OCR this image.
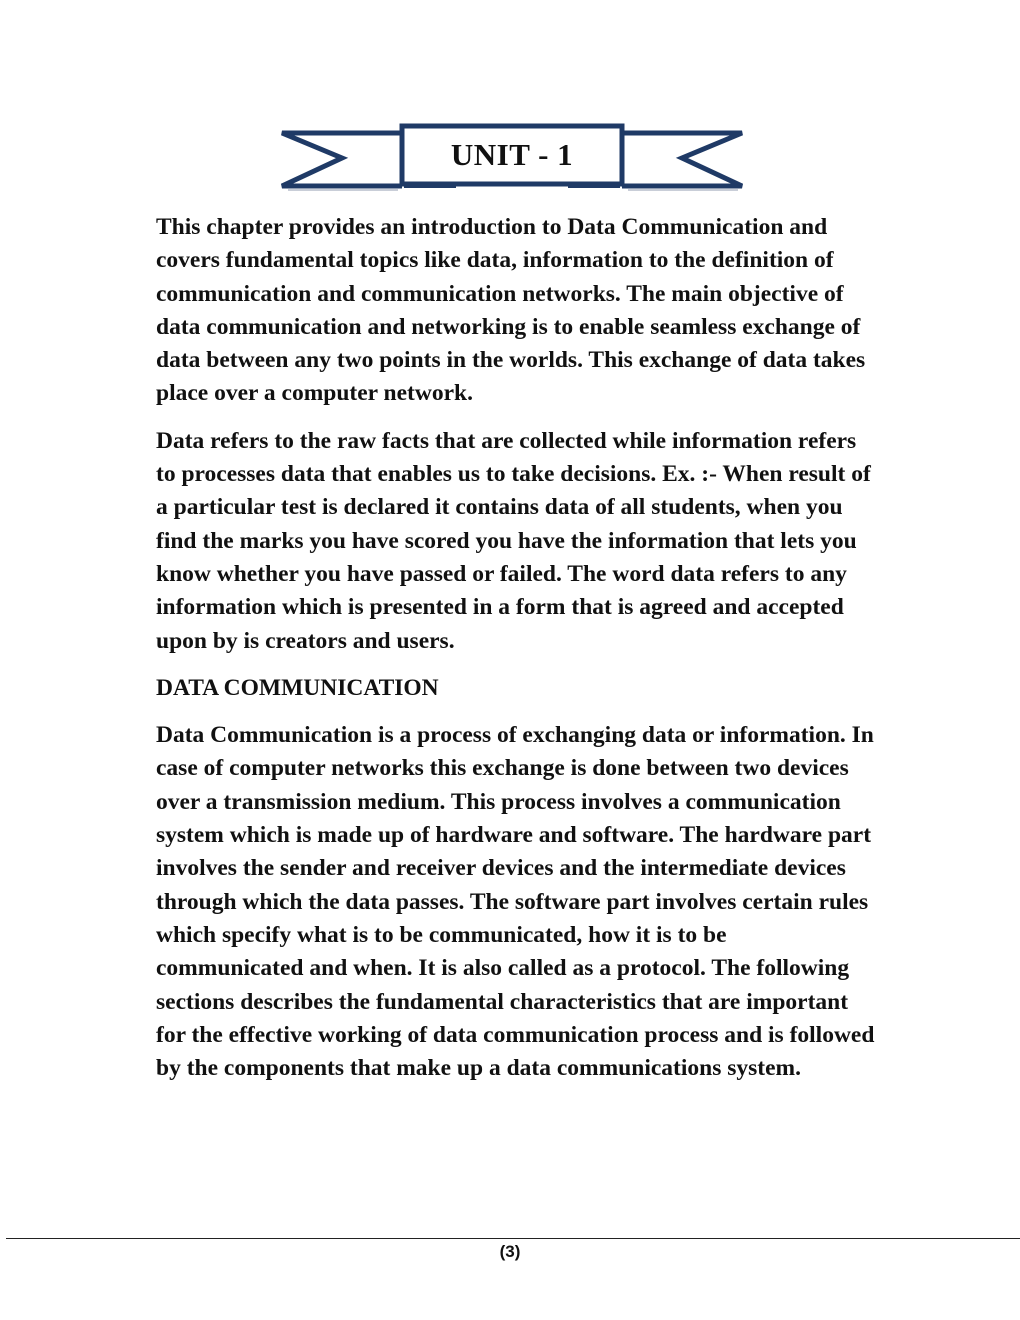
UNIT - 1

This chapter provides an introduction to Data Communication and covers fundamental topics like data, information to the definition of communication and communication networks. The main objective of data communication and networking is to enable seamless exchange of data between any two points in the worlds. This exchange of data takes place over a computer network.

Data refers to the raw facts that are collected while information refers to processes data that enables us to take decisions. Ex. :- When result of a particular test is declared it contains data of all students, when you find the marks you have scored you have the information that lets you know whether you have passed or failed. The word data refers to any information which is presented in a form that is agreed and accepted upon by is creators and users.

DATA COMMUNICATION

Data Communication is a process of exchanging data or information. In case of computer networks this exchange is done between two devices over a transmission medium. This process involves a communication system which is made up of hardware and software. The hardware part involves the sender and receiver devices and the intermediate devices through which the data passes. The software part involves certain rules which specify what is to be communicated, how it is to be communicated and when. It is also called as a protocol. The following sections describes the fundamental characteristics that are important for the effective working of data communication process and is followed by the components that make up a data communications system.

(3)
